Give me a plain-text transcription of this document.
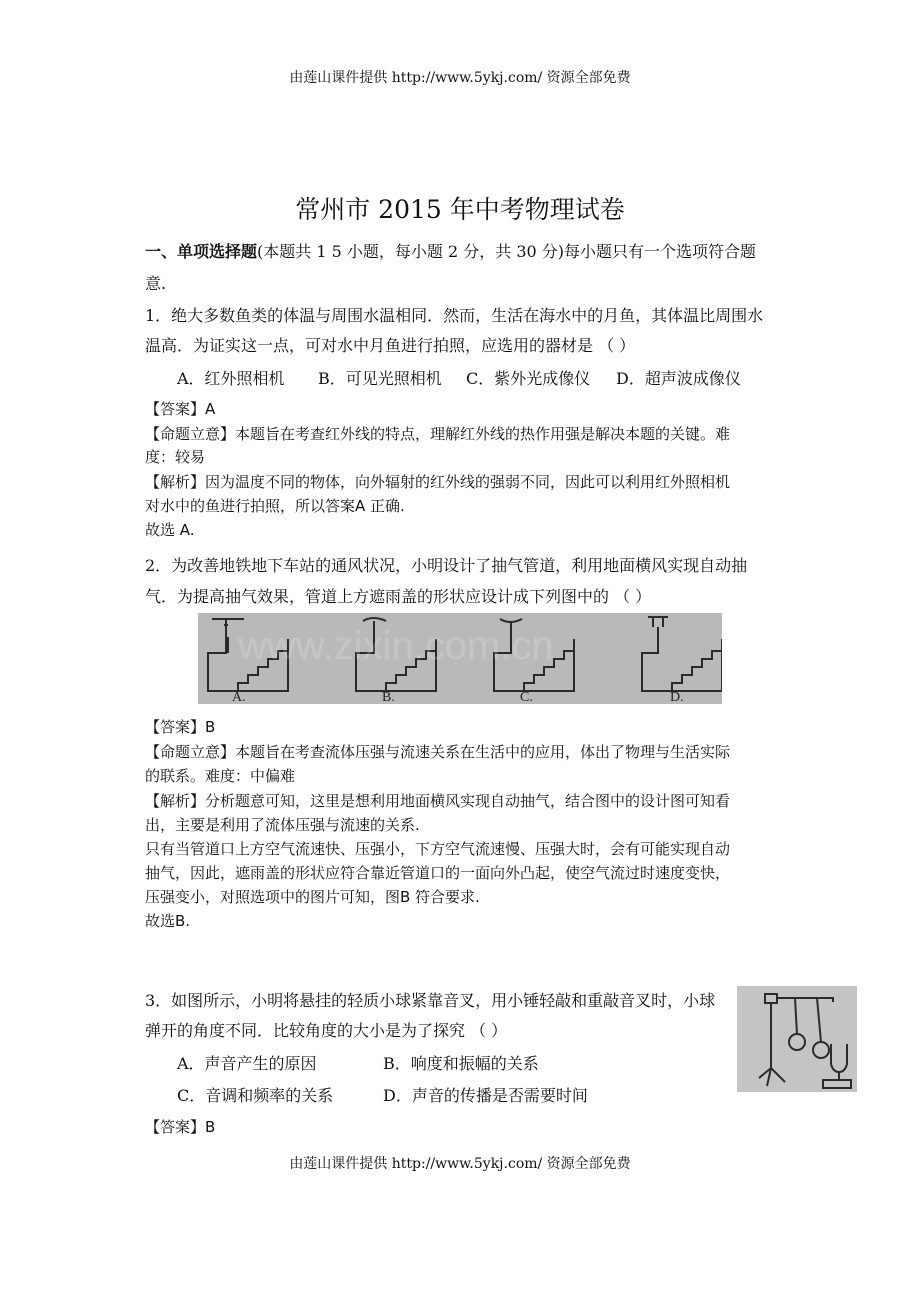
由莲山课件提供 http://www.5ykj.com/ 资源全部免费
常州市 2015 年中考物理试卷
一、单项选择题(本题共 1 5 小题，每小题 2 分，共 30 分)每小题只有一个选项符合题
意.
1．绝大多数鱼类的体温与周围水温相同．然而，生活在海水中的月鱼，其体温比周围水
温高．为证实这一点，可对水中月鱼进行拍照，应选用的器材是 （ ）
A．红外照相机 B．可见光照相机 C．紫外光成像仪 D．超声波成像仪
【答案】A
【命题立意】本题旨在考查红外线的特点，理解红外线的热作用强是解决本题的关键。难
度：较易
【解析】因为温度不同的物体，向外辐射的红外线的强弱不同，因此可以利用红外照相机
对水中的鱼进行拍照，所以答案A 正确.
故选 A.
2．为改善地铁地下车站的通风状况，小明设计了抽气管道，利用地面横风实现自动抽
气．为提高抽气效果，管道上方遮雨盖的形状应设计成下列图中的 （ ）
A.	B.	C.	D.
www.zixin.com.cn
【答案】B
【命题立意】本题旨在考查流体压强与流速关系在生活中的应用，体出了物理与生活实际
的联系。难度：中偏难
【解析】分析题意可知，这里是想利用地面横风实现自动抽气，结合图中的设计图可知看
出，主要是利用了流体压强与流速的关系.
只有当管道口上方空气流速快、压强小，下方空气流速慢、压强大时，会有可能实现自动
抽气，因此，遮雨盖的形状应符合靠近管道口的一面向外凸起，使空气流过时速度变快，
压强变小，对照选项中的图片可知，图B 符合要求.
故选B.
3．如图所示，小明将悬挂的轻质小球紧靠音叉，用小锤轻敲和重敲音叉时，小球
弹开的角度不同．比较角度的大小是为了探究 （ ）
A．声音产生的原因	B．响度和振幅的关系
C．音调和频率的关系	D．声音的传播是否需要时间
【答案】B
由莲山课件提供 http://www.5ykj.com/ 资源全部免费
